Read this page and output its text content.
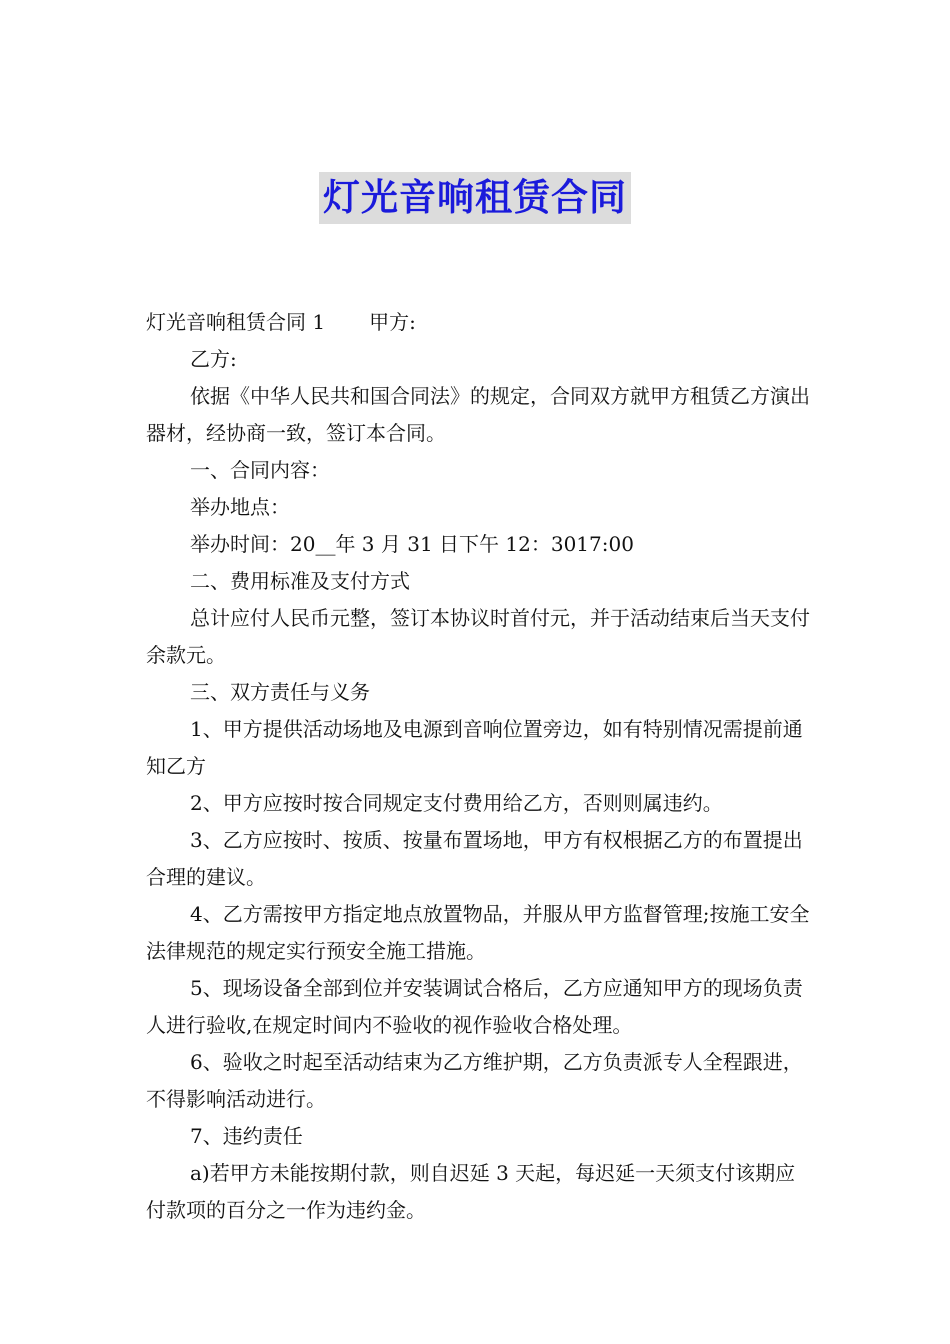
灯光音响租赁合同

灯光音响租赁合同 1 甲方:

乙方:

依据《中华人民共和国合同法》的规定，合同双方就甲方租赁乙方演出器材，经协商一致，签订本合同。

一、合同内容：

举办地点：

举办时间：20__年 3 月 31 日下午 12：3017:00

二、费用标准及支付方式

总计应付人民币元整，签订本协议时首付元，并于活动结束后当天支付余款元。

三、双方责任与义务

1、甲方提供活动场地及电源到音响位置旁边，如有特别情况需提前通知乙方

2、甲方应按时按合同规定支付费用给乙方，否则则属违约。

3、乙方应按时、按质、按量布置场地，甲方有权根据乙方的布置提出合理的建议。

4、乙方需按甲方指定地点放置物品，并服从甲方监督管理;按施工安全法律规范的规定实行预安全施工措施。

5、现场设备全部到位并安装调试合格后，乙方应通知甲方的现场负责人进行验收,在规定时间内不验收的视作验收合格处理。

6、验收之时起至活动结束为乙方维护期，乙方负责派专人全程跟进，不得影响活动进行。

7、违约责任

a)若甲方未能按期付款，则自迟延 3 天起，每迟延一天须支付该期应付款项的百分之一作为违约金。
